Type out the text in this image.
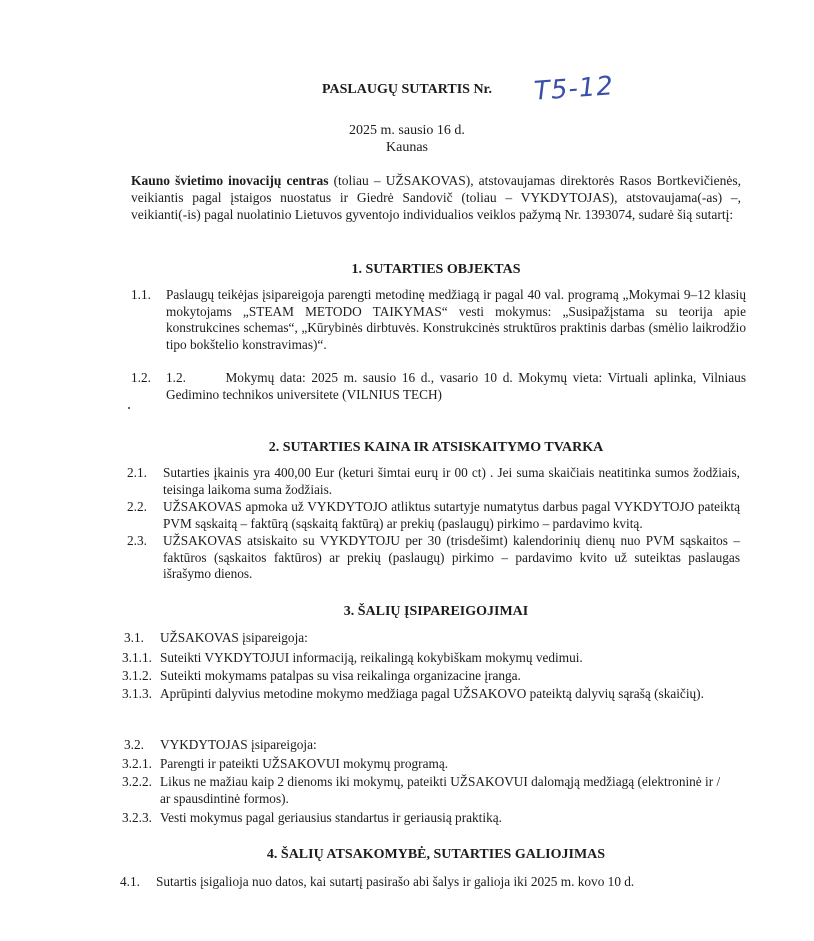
PASLAUGŲ SUTARTIS Nr.	T5-12
2025 m. sausio 16 d.
Kaunas
Kauno švietimo inovacijų centras (toliau – UŽSAKOVAS), atstovaujamas direktorės Rasos Bortkevičienės, veikiantis pagal įstaigos nuostatus ir Giedrė Sandovič (toliau – VYKDYTOJAS), atstovaujama(-as) –, veikianti(-is) pagal nuolatinio Lietuvos gyventojo individualios veiklos pažymą Nr. 1393074, sudarė šią sutartį:
1. SUTARTIES OBJEKTAS
1.1. Paslaugų teikėjas įsipareigoja parengti metodinę medžiagą ir pagal 40 val. programą „Mokymai 9–12 klasių mokytojams „STEAM METODO TAIKYMAS“ vesti mokymus: „Susipažįstama su teorija apie konstrukcines schemas“, „Kūrybinės dirbtuvės. Konstrukcinės struktūros praktinis darbas (smėlio laikrodžio tipo bokštelio konstravimas)“.
1.2. 1.2.       Mokymų data: 2025 m. sausio 16 d., vasario 10 d. Mokymų vieta: Virtuali aplinka, Vilniaus Gedimino technikos universitete (VILNIUS TECH)
2. SUTARTIES KAINA IR ATSISKAITYMO TVARKA
2.1. Sutarties įkainis yra 400,00 Eur (keturi šimtai eurų ir 00 ct) . Jei suma skaičiais neatitinka sumos žodžiais, teisinga laikoma suma žodžiais.
2.2. UŽSAKOVAS apmoka už VYKDYTOJO atliktus sutartyje numatytus darbus pagal VYKDYTOJO pateiktą PVM sąskaitą – faktūrą (sąskaitą faktūrą) ar prekių (paslaugų) pirkimo – pardavimo kvitą.
2.3. UŽSAKOVAS atsiskaito su VYKDYTOJU per 30 (trisdešimt) kalendorinių dienų nuo PVM sąskaitos – faktūros (sąskaitos faktūros) ar prekių (paslaugų) pirkimo – pardavimo kvito už suteiktas paslaugas išrašymo dienos.
3. ŠALIŲ ĮSIPAREIGOJIMAI
3.1. UŽSAKOVAS įsipareigoja:
3.1.1. Suteikti VYKDYTOJUI informaciją, reikalingą kokybiškam mokymų vedimui.
3.1.2. Suteikti mokymams patalpas su visa reikalinga organizacine įranga.
3.1.3. Aprūpinti dalyvius metodine mokymo medžiaga pagal UŽSAKOVO pateiktą dalyvių sąrašą (skaičių).
3.2. VYKDYTOJAS įsipareigoja:
3.2.1. Parengti ir pateikti UŽSAKOVUI mokymų programą.
3.2.2. Likus ne mažiau kaip 2 dienoms iki mokymų, pateikti UŽSAKOVUI dalomąją medžiagą (elektroninė ir / ar spausdintinė formos).
3.2.3. Vesti mokymus pagal geriausius standartus ir geriausią praktiką.
4. ŠALIŲ ATSAKOMYBĖ, SUTARTIES GALIOJIMAS
4.1. Sutartis įsigalioja nuo datos, kai sutartį pasirašo abi šalys ir galioja iki 2025 m. kovo 10 d.
